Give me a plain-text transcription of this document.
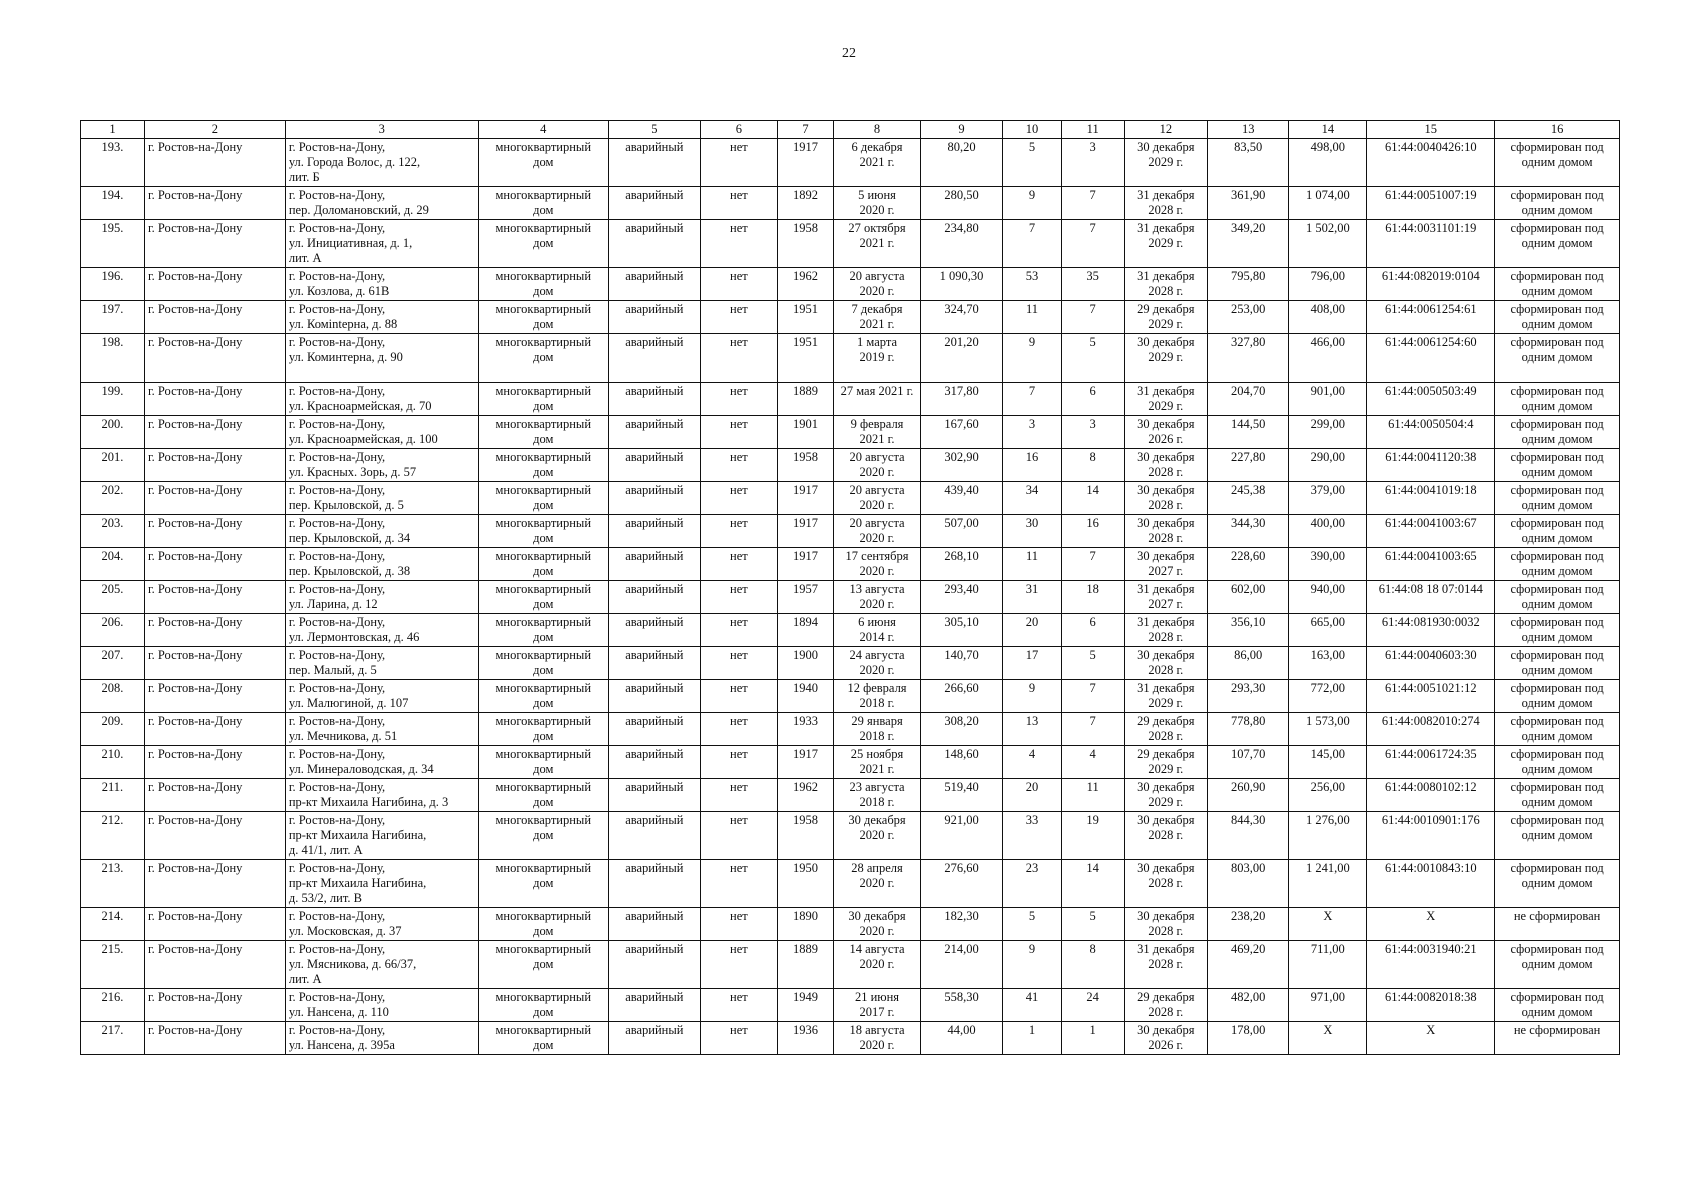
22
1	2	3	4	5	6	7	8	9	10	11	12	13	14	15	16
193.	г. Ростов-на-Дону	г. Ростов-на-Дону,
ул. Города Волос, д. 122,
лит. Б	многоквартирный
дом	аварийный	нет	1917	6 декабря
2021 г.	80,20	5	3	30 декабря
2029 г.	83,50	498,00	61:44:0040426:10	сформирован под
одним домом

194.	г. Ростов-на-Дону	г. Ростов-на-Дону,
пер. Доломановский, д. 29	многоквартирный
дом	аварийный	нет	1892	5 июня
2020 г.	280,50	9	7	31 декабря
2028 г.	361,90	1 074,00	61:44:0051007:19	сформирован под
одним домом

195.	г. Ростов-на-Дону	г. Ростов-на-Дону,
ул. Инициативная, д. 1,
лит. А	многоквартирный
дом	аварийный	нет	1958	27 октября
2021 г.	234,80	7	7	31 декабря
2029 г.	349,20	1 502,00	61:44:0031101:19	сформирован под
одним домом

196.	г. Ростов-на-Дону	г. Ростов-на-Дону,
ул. Козлова, д. 61В	многоквартирный
дом	аварийный	нет	1962	20 августа
2020 г.	1 090,30	53	35	31 декабря
2028 г.	795,80	796,00	61:44:082019:0104	сформирован под
одним домом

197.	г. Ростов-на-Дону	г. Ростов-на-Дону,
ул. Комintерна, д. 88	многоквартирный
дом	аварийный	нет	1951	7 декабря
2021 г.	324,70	11	7	29 декабря
2029 г.	253,00	408,00	61:44:0061254:61	сформирован под
одним домом

198.	г. Ростов-на-Дону	г. Ростов-на-Дону,
ул. Коминтерна, д. 90	многоквартирный
дом	аварийный	нет	1951	1 марта
2019 г.	201,20	9	5	30 декабря
2029 г.	327,80	466,00	61:44:0061254:60	сформирован под
одним домом

199.	г. Ростов-на-Дону	г. Ростов-на-Дону,
ул. Красноармейская, д. 70	многоквартирный
дом	аварийный	нет	1889	27 мая 2021 г.	317,80	7	6	31 декабря
2029 г.	204,70	901,00	61:44:0050503:49	сформирован под
одним домом

200.	г. Ростов-на-Дону	г. Ростов-на-Дону,
ул. Красноармейская, д. 100	многоквартирный
дом	аварийный	нет	1901	9 февраля
2021 г.	167,60	3	3	30 декабря
2026 г.	144,50	299,00	61:44:0050504:4	сформирован под
одним домом

201.	г. Ростов-на-Дону	г. Ростов-на-Дону,
ул. Красных. Зорь, д. 57	многоквартирный
дом	аварийный	нет	1958	20 августа
2020 г.	302,90	16	8	30 декабря
2028 г.	227,80	290,00	61:44:0041120:38	сформирован под
одним домом

202.	г. Ростов-на-Дону	г. Ростов-на-Дону,
пер. Крыловской, д. 5	многоквартирный
дом	аварийный	нет	1917	20 августа
2020 г.	439,40	34	14	30 декабря
2028 г.	245,38	379,00	61:44:0041019:18	сформирован под
одним домом

203.	г. Ростов-на-Дону	г. Ростов-на-Дону,
пер. Крыловской, д. 34	многоквартирный
дом	аварийный	нет	1917	20 августа
2020 г.	507,00	30	16	30 декабря
2028 г.	344,30	400,00	61:44:0041003:67	сформирован под
одним домом

204.	г. Ростов-на-Дону	г. Ростов-на-Дону,
пер. Крыловской, д. 38	многоквартирный
дом	аварийный	нет	1917	17 сентября
2020 г.	268,10	11	7	30 декабря
2027 г.	228,60	390,00	61:44:0041003:65	сформирован под
одним домом

205.	г. Ростов-на-Дону	г. Ростов-на-Дону,
ул. Ларина, д. 12	многоквартирный
дом	аварийный	нет	1957	13 августа
2020 г.	293,40	31	18	31 декабря
2027 г.	602,00	940,00	61:44:08 18 07:0144	сформирован под
одним домом

206.	г. Ростов-на-Дону	г. Ростов-на-Дону,
ул. Лермонтовская, д. 46	многоквартирный
дом	аварийный	нет	1894	6 июня
2014 г.	305,10	20	6	31 декабря
2028 г.	356,10	665,00	61:44:081930:0032	сформирован под
одним домом

207.	г. Ростов-на-Дону	г. Ростов-на-Дону,
пер. Малый, д. 5	многоквартирный
дом	аварийный	нет	1900	24 августа
2020 г.	140,70	17	5	30 декабря
2028 г.	86,00	163,00	61:44:0040603:30	сформирован под
одним домом

208.	г. Ростов-на-Дону	г. Ростов-на-Дону,
ул. Малюгиной, д. 107	многоквартирный
дом	аварийный	нет	1940	12 февраля
2018 г.	266,60	9	7	31 декабря
2029 г.	293,30	772,00	61:44:0051021:12	сформирован под
одним домом

209.	г. Ростов-на-Дону	г. Ростов-на-Дону,
ул. Мечникова, д. 51	многоквартирный
дом	аварийный	нет	1933	29 января
2018 г.	308,20	13	7	29 декабря
2028 г.	778,80	1 573,00	61:44:0082010:274	сформирован под
одним домом

210.	г. Ростов-на-Дону	г. Ростов-на-Дону,
ул. Минераловодская, д. 34	многоквартирный
дом	аварийный	нет	1917	25 ноября
2021 г.	148,60	4	4	29 декабря
2029 г.	107,70	145,00	61:44:0061724:35	сформирован под
одним домом

211.	г. Ростов-на-Дону	г. Ростов-на-Дону,
пр-кт Михаила Нагибина, д. 3	многоквартирный
дом	аварийный	нет	1962	23 августа
2018 г.	519,40	20	11	30 декабря
2029 г.	260,90	256,00	61:44:0080102:12	сформирован под
одним домом

212.	г. Ростов-на-Дону	г. Ростов-на-Дону,
пр-кт Михаила Нагибина,
д. 41/1, лит. А	многоквартирный
дом	аварийный	нет	1958	30 декабря
2020 г.	921,00	33	19	30 декабря
2028 г.	844,30	1 276,00	61:44:0010901:176	сформирован под
одним домом

213.	г. Ростов-на-Дону	г. Ростов-на-Дону,
пр-кт Михаила Нагибина,
д. 53/2, лит. В	многоквартирный
дом	аварийный	нет	1950	28 апреля
2020 г.	276,60	23	14	30 декабря
2028 г.	803,00	1 241,00	61:44:0010843:10	сформирован под
одним домом

214.	г. Ростов-на-Дону	г. Ростов-на-Дону,
ул. Московская, д. 37	многоквартирный
дом	аварийный	нет	1890	30 декабря
2020 г.	182,30	5	5	30 декабря
2028 г.	238,20	Х	Х	не сформирован

215.	г. Ростов-на-Дону	г. Ростов-на-Дону,
ул. Мясникова, д. 66/37,
лит. А	многоквартирный
дом	аварийный	нет	1889	14 августа
2020 г.	214,00	9	8	31 декабря
2028 г.	469,20	711,00	61:44:0031940:21	сформирован под
одним домом

216.	г. Ростов-на-Дону	г. Ростов-на-Дону,
ул. Нансена, д. 110	многоквартирный
дом	аварийный	нет	1949	21 июня
2017 г.	558,30	41	24	29 декабря
2028 г.	482,00	971,00	61:44:0082018:38	сформирован под
одним домом

217.	г. Ростов-на-Дону	г. Ростов-на-Дону,
ул. Нансена, д. 395а	многоквартирный
дом	аварийный	нет	1936	18 августа
2020 г.	44,00	1	1	30 декабря
2026 г.	178,00	Х	Х	не сформирован
